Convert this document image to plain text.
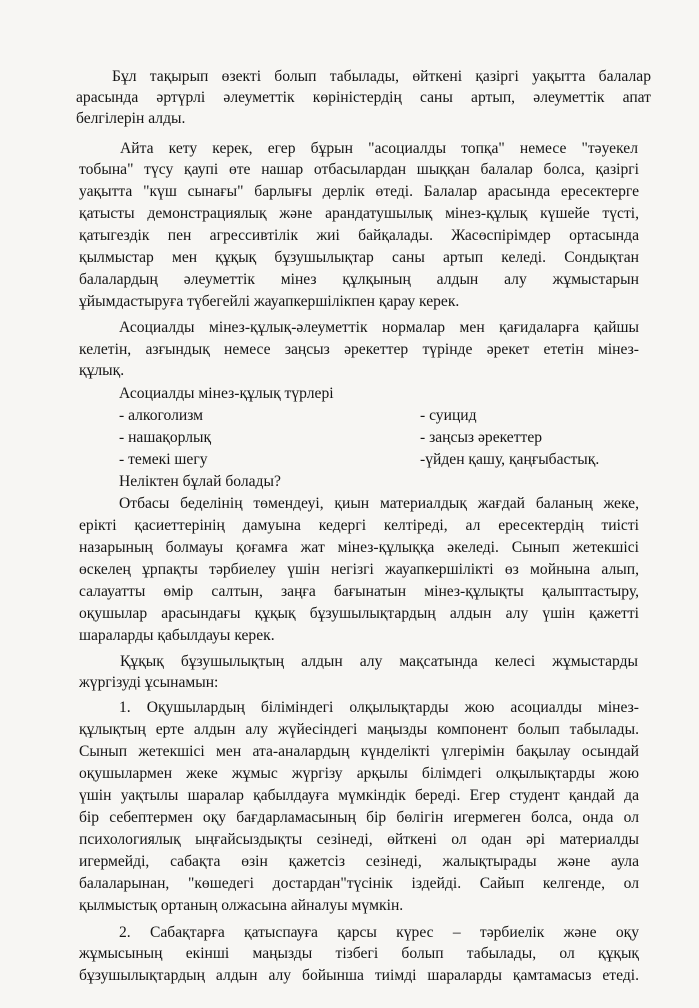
Бұл тақырып өзекті болып табылады, өйткені қазіргі уақытта балалар

арасында әртүрлі әлеуметтік көріністердің саны артып, әлеуметтік апат

белгілерін алды.

Айта кету керек, егер бұрын "асоциалды топқа" немесе "тәуекел

тобына" түсу қаупі өте нашар отбасылардан шыққан балалар болса, қазіргі

уақытта "күш сынағы" барлығы дерлік өтеді. Балалар арасында ересектерге

қатысты демонстрациялық және арандатушылық мінез-құлық күшейе түсті,

қатыгездік пен агрессивтілік жиі байқалады. Жасөспірімдер ортасында

қылмыстар мен құқық бұзушылықтар саны артып келеді. Сондықтан

балалардың әлеуметтік мінез құлқының алдын алу жұмыстарын

ұйымдастыруға түбегейлі жауапкершілікпен қарау керек.

Асоциалды мінез-құлық-әлеуметтік нормалар мен қағидаларға қайшы

келетін, азғындық немесе заңсыз әрекеттер түрінде әрекет ететін мінез-

құлық.

Асоциалды мінез-құлық түрлері

- алкоголизм

- нашақорлық

- темекі шегу

- суицид

- заңсыз әрекеттер

-үйден қашу, қаңғыбастық.

Неліктен бұлай болады?

Отбасы беделінің төмендеуі, қиын материалдық жағдай баланың жеке,

ерікті қасиеттерінің дамуына кедергі келтіреді, ал ересектердің тиісті

назарының болмауы қоғамға жат мінез-құлыққа әкеледі. Сынып жетекшісі

өскелең ұрпақты тәрбиелеу үшін негізгі жауапкершілікті өз мойнына алып,

салауатты өмір салтын, заңға бағынатын мінез-құлықты қалыптастыру,

оқушылар арасындағы құқық бұзушылықтардың алдын алу үшін қажетті

шараларды қабылдауы керек.

Құқық бұзушылықтың алдын алу мақсатында келесі жұмыстарды

жүргізуді ұсынамын:

1. Оқушылардың біліміндегі олқылықтарды жою асоциалды мінез-

құлықтың ерте алдын алу жүйесіндегі маңызды компонент болып табылады.

Сынып жетекшісі мен ата-аналардың күнделікті үлгерімін бақылау осындай

оқушылармен жеке жұмыс жүргізу арқылы білімдегі олқылықтарды жою

үшін уақтылы шаралар қабылдауға мүмкіндік береді. Егер студент қандай да

бір себептермен оқу бағдарламасының бір бөлігін игермеген болса, онда ол

психологиялық ыңғайсыздықты сезінеді, өйткені ол одан әрі материалды

игермейді, сабақта өзін қажетсіз сезінеді, жалықтырады және аула

балаларынан, "көшедегі достардан"түсінік іздейді. Сайып келгенде, ол

қылмыстық ортаның олжасына айналуы мүмкін.

2. Сабақтарға қатыспауға қарсы күрес – тәрбиелік және оқу

жұмысының екінші маңызды тізбегі болып табылады, ол құқық

бұзушылықтардың алдын алу бойынша тиімді шараларды қамтамасыз етеді.
